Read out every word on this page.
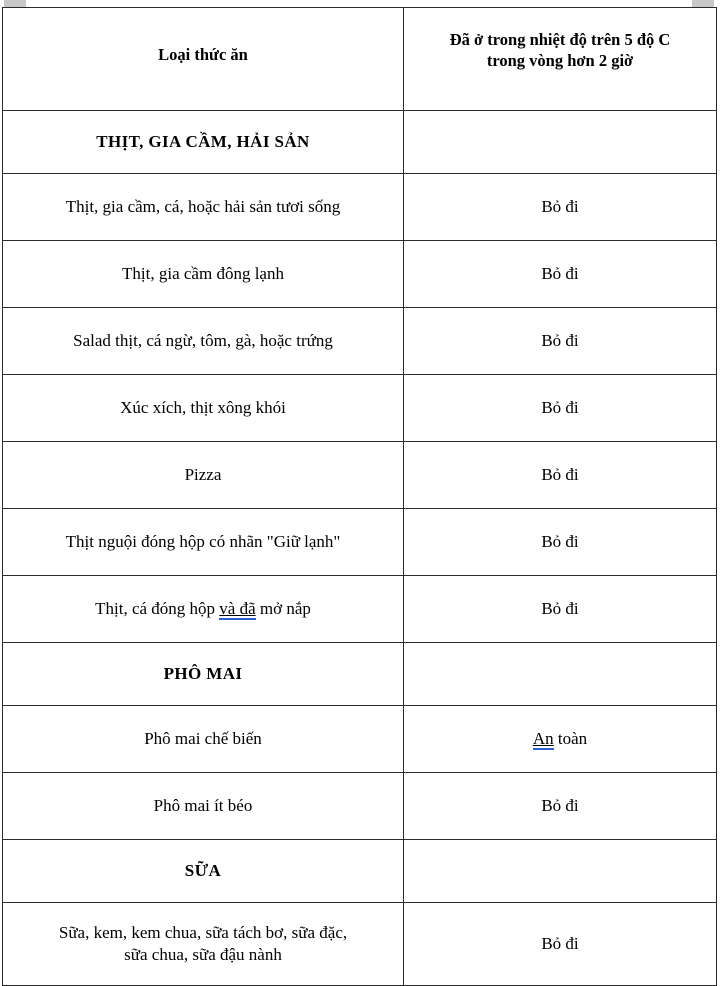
Loại thức ăn	Đã ở trong nhiệt độ trên 5 độ C
trong vòng hơn 2 giờ

THỊT, GIA CẦM, HẢI SẢN	
Thịt, gia cầm, cá, hoặc hải sản tươi sống	Bỏ đi
Thịt, gia cầm đông lạnh	Bỏ đi
Salad thịt, cá ngừ, tôm, gà, hoặc trứng	Bỏ đi
Xúc xích, thịt xông khói	Bỏ đi
Pizza	Bỏ đi
Thịt nguội đóng hộp có nhãn "Giữ lạnh"	Bỏ đi
Thịt, cá đóng hộp và đã mở nắp	Bỏ đi
PHÔ MAI	
Phô mai chế biến	An toàn
Phô mai ít béo	Bỏ đi
SỮA	

Sữa, kem, kem chua, sữa tách bơ, sữa đặc,
sữa chua, sữa đậu nành	Bỏ đi
